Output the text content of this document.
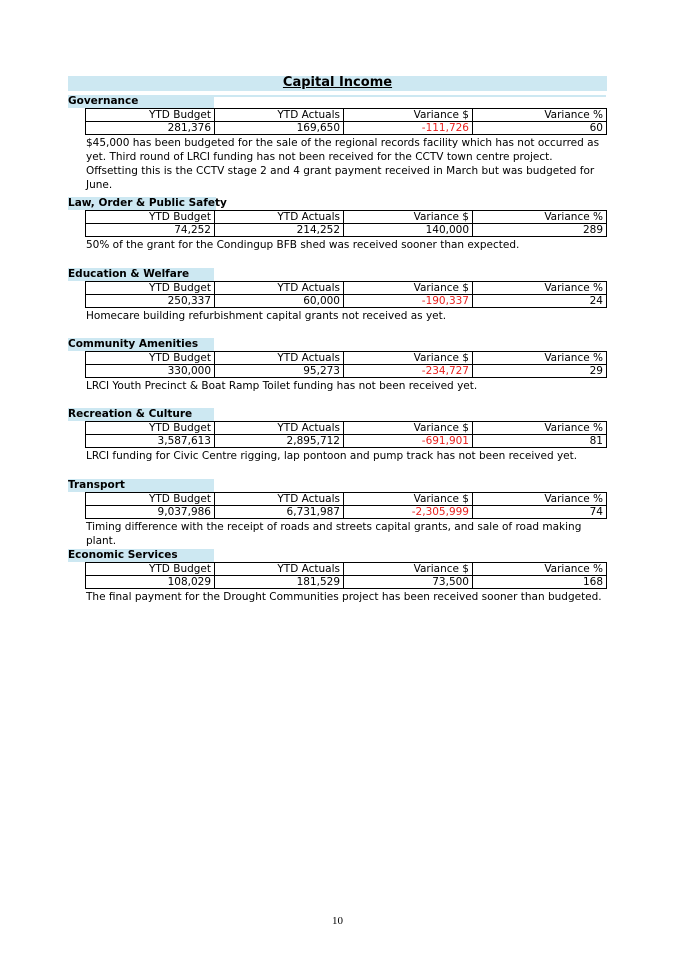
Capital Income
Governance
YTD Budget	YTD Actuals	Variance $	Variance %
281,376	169,650	-111,726	60
$45,000 has been budgeted for the sale of the regional records facility which has not occurred as yet. Third round of LRCI funding has not been received for the CCTV town centre project. Offsetting this is the CCTV stage 2 and 4 grant payment received in March but was budgeted for June.
Law, Order & Public Safety
YTD Budget	YTD Actuals	Variance $	Variance %
74,252	214,252	140,000	289
50% of the grant for the Condingup BFB shed was received sooner than expected.
Education & Welfare
YTD Budget	YTD Actuals	Variance $	Variance %
250,337	60,000	-190,337	24
Homecare building refurbishment capital grants not received as yet.
Community Amenities
YTD Budget	YTD Actuals	Variance $	Variance %
330,000	95,273	-234,727	29
LRCI Youth Precinct & Boat Ramp Toilet funding has not been received yet.
Recreation & Culture
YTD Budget	YTD Actuals	Variance $	Variance %
3,587,613	2,895,712	-691,901	81
LRCI funding for Civic Centre rigging, lap pontoon and pump track has not been received yet.
Transport
YTD Budget	YTD Actuals	Variance $	Variance %
9,037,986	6,731,987	-2,305,999	74
Timing difference with the receipt of roads and streets capital grants, and sale of road making plant.
Economic Services
YTD Budget	YTD Actuals	Variance $	Variance %
108,029	181,529	73,500	168
The final payment for the Drought Communities project has been received sooner than budgeted.
10
